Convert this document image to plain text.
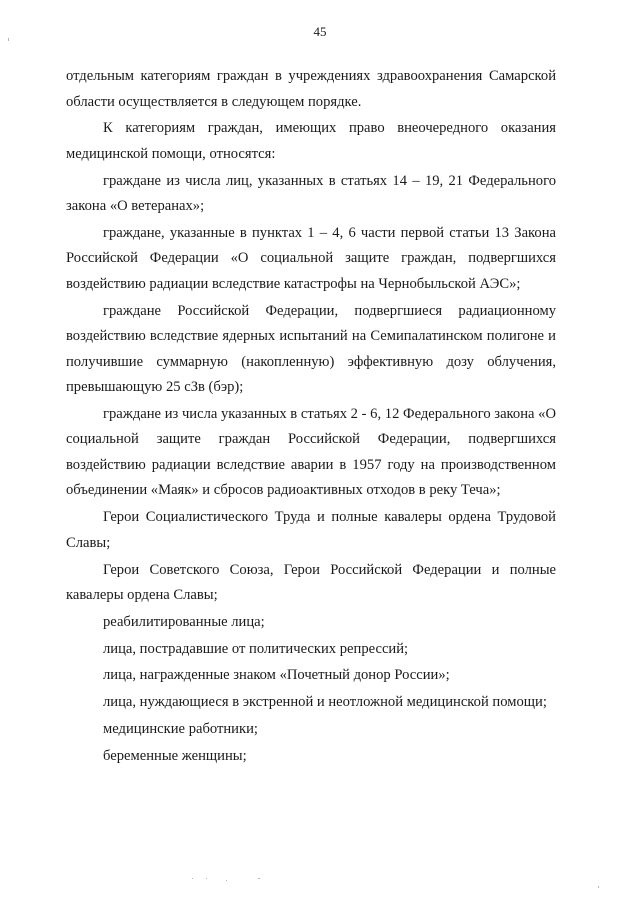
45

отдельным категориям граждан в учреждениях здравоохранения Самарской области осуществляется в следующем порядке.

К категориям граждан, имеющих право внеочередного оказания медицинской помощи, относятся:

граждане из числа лиц, указанных в статьях 14 – 19, 21 Федерального закона «О ветеранах»;

граждане, указанные в пунктах 1 – 4, 6 части первой статьи 13 Закона Российской Федерации «О социальной защите граждан, подвергшихся воздействию радиации вследствие катастрофы на Чернобыльской АЭС»;

граждане Российской Федерации, подвергшиеся радиационному воздействию вследствие ядерных испытаний на Семипалатинском полигоне и получившие суммарную (накопленную) эффективную дозу облучения, превышающую 25 сЗв (бэр);

граждане из числа указанных в статьях 2 - 6, 12 Федерального закона «О социальной защите граждан Российской Федерации, подвергшихся воздействию радиации вследствие аварии в 1957 году на производственном объединении «Маяк» и сбросов радиоактивных отходов в реку Теча»;

Герои Социалистического Труда и полные кавалеры ордена Трудовой Славы;

Герои Советского Союза, Герои Российской Федерации и полные кавалеры ордена Славы;

реабилитированные лица;

лица, пострадавшие от политических репрессий;

лица, награжденные знаком «Почетный донор России»;

лица, нуждающиеся в экстренной и неотложной медицинской помощи;

медицинские работники;

беременные женщины;
